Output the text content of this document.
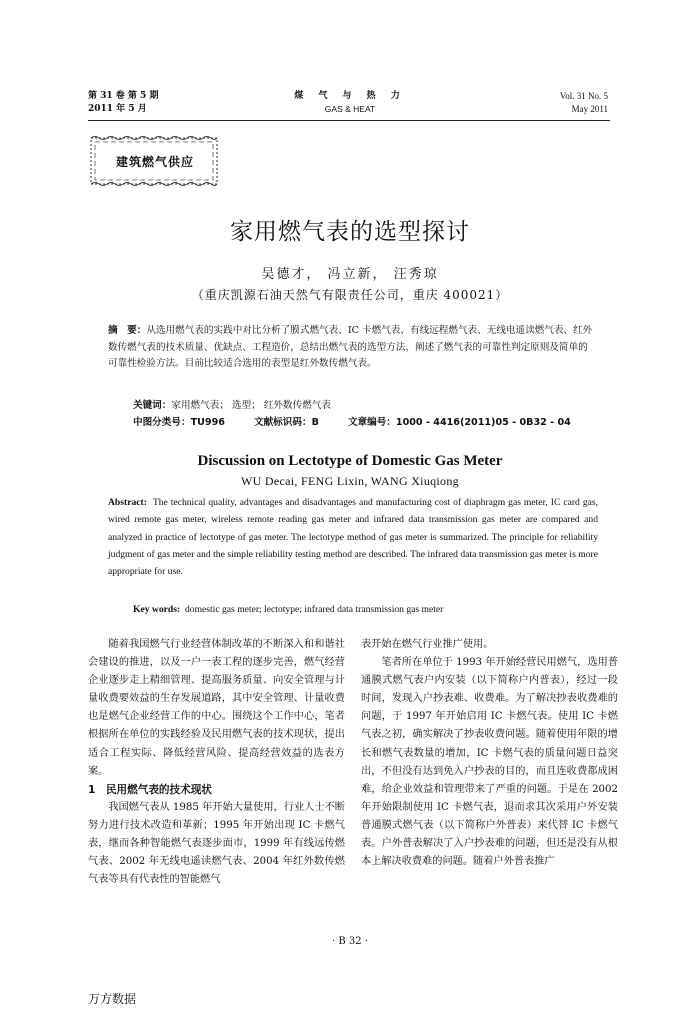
第 31 卷 第 5 期
2011 年 5 月
煤 气 与 热 力
GAS & HEAT
Vol. 31 No. 5
May 2011
建筑燃气供应
家用燃气表的选型探讨
吴德才， 冯立新， 汪秀琼
（重庆凯源石油天然气有限责任公司，重庆 400021）
摘　要：从选用燃气表的实践中对比分析了膜式燃气表、IC 卡燃气表、有线远程燃气表、无线电遥读燃气表、红外数传燃气表的技术质量、优缺点、工程造价，总结出燃气表的选型方法，阐述了燃气表的可靠性判定原则及简单的可靠性检验方法。目前比较适合选用的表型是红外数传燃气表。
关键词：家用燃气表； 选型； 红外数传燃气表
中图分类号：TU996	文献标识码：B	文章编号：1000 - 4416(2011)05 - 0B32 - 04
Discussion on Lectotype of Domestic Gas Meter
WU Decai, FENG Lixin, WANG Xiuqiong
Abstract: The technical quality, advantages and disadvantages and manufacturing cost of diaphragm gas meter, IC card gas, wired remote gas meter, wireless remote reading gas meter and infrared data transmission gas meter are compared and analyzed in practice of lectotype of gas meter. The lectotype method of gas meter is summarized. The principle for reliability judgment of gas meter and the simple reliability testing method are described. The infrared data transmission gas meter is more appropriate for use.
Key words: domestic gas meter; lectotype; infrared data transmission gas meter

随着我国燃气行业经营体制改革的不断深入和和谐社会建设的推进，以及一户一表工程的逐步完善，燃气经营企业逐步走上精细管理、提高服务质量、向安全管理与计量收费要效益的生存发展道路，其中安全管理、计量收费也是燃气企业经营工作的中心。围绕这个工作中心，笔者根据所在单位的实践经验及民用燃气表的技术现状，提出适合工程实际、降低经营风险、提高经营效益的选表方案。

1　民用燃气表的技术现状

我国燃气表从 1985 年开始大量使用，行业人士不断努力进行技术改造和革新；1995 年开始出现 IC 卡燃气表，继而各种智能燃气表逐步面市，1999 年有线远传燃气表、2002 年无线电遥读燃气表、2004 年红外数传燃气表等具有代表性的智能燃气

表开始在燃气行业推广使用。

笔者所在单位于 1993 年开始经营民用燃气，选用普通膜式燃气表户内安装（以下简称户内普表），经过一段时间，发现入户抄表难、收费难。为了解决抄表收费难的问题，于 1997 年开始启用 IC 卡燃气表。使用 IC 卡燃气表之初，确实解决了抄表收费问题。随着使用年限的增长和燃气表数量的增加，IC 卡燃气表的质量问题日益突出，不但没有达到免入户抄表的目的，而且连收费都成困难，给企业效益和管理带来了严重的问题。于是在 2002 年开始限制使用 IC 卡燃气表，退而求其次采用户外安装普通膜式燃气表（以下简称户外普表）来代替 IC 卡燃气表。户外普表解决了入户抄表难的问题，但还是没有从根本上解决收费难的问题。随着户外普表推广

· B 32 ·
万方数据
